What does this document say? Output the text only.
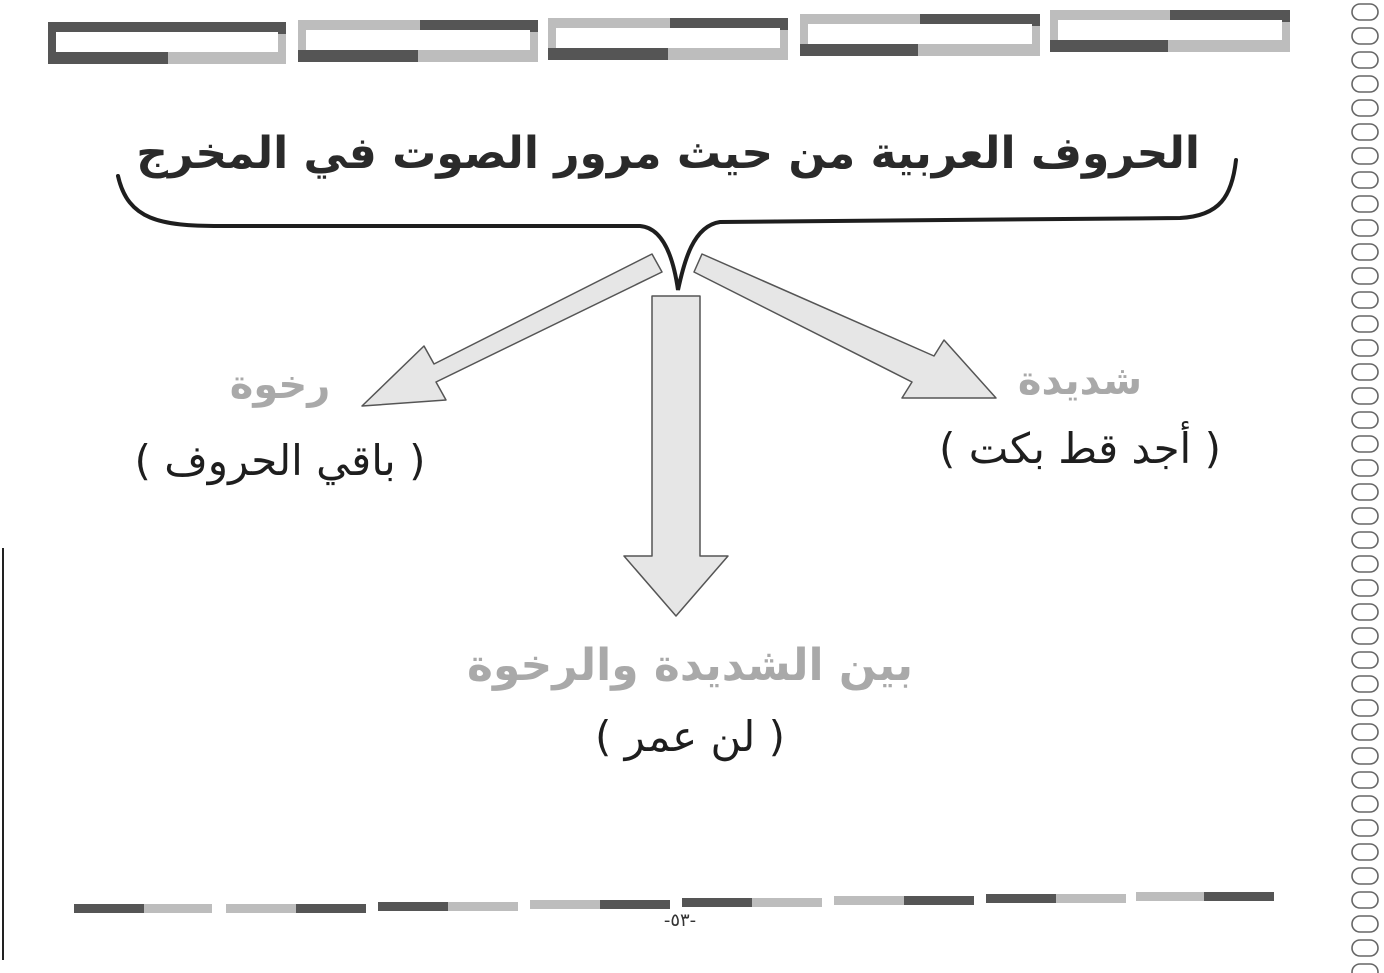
الحروف العربية من حيث مرور الصوت في المخرج
شديدة
( أجد قط بكت )
رخوة
( باقي الحروف )
بين الشديدة والرخوة
( لن عمر )
-٥٣-
